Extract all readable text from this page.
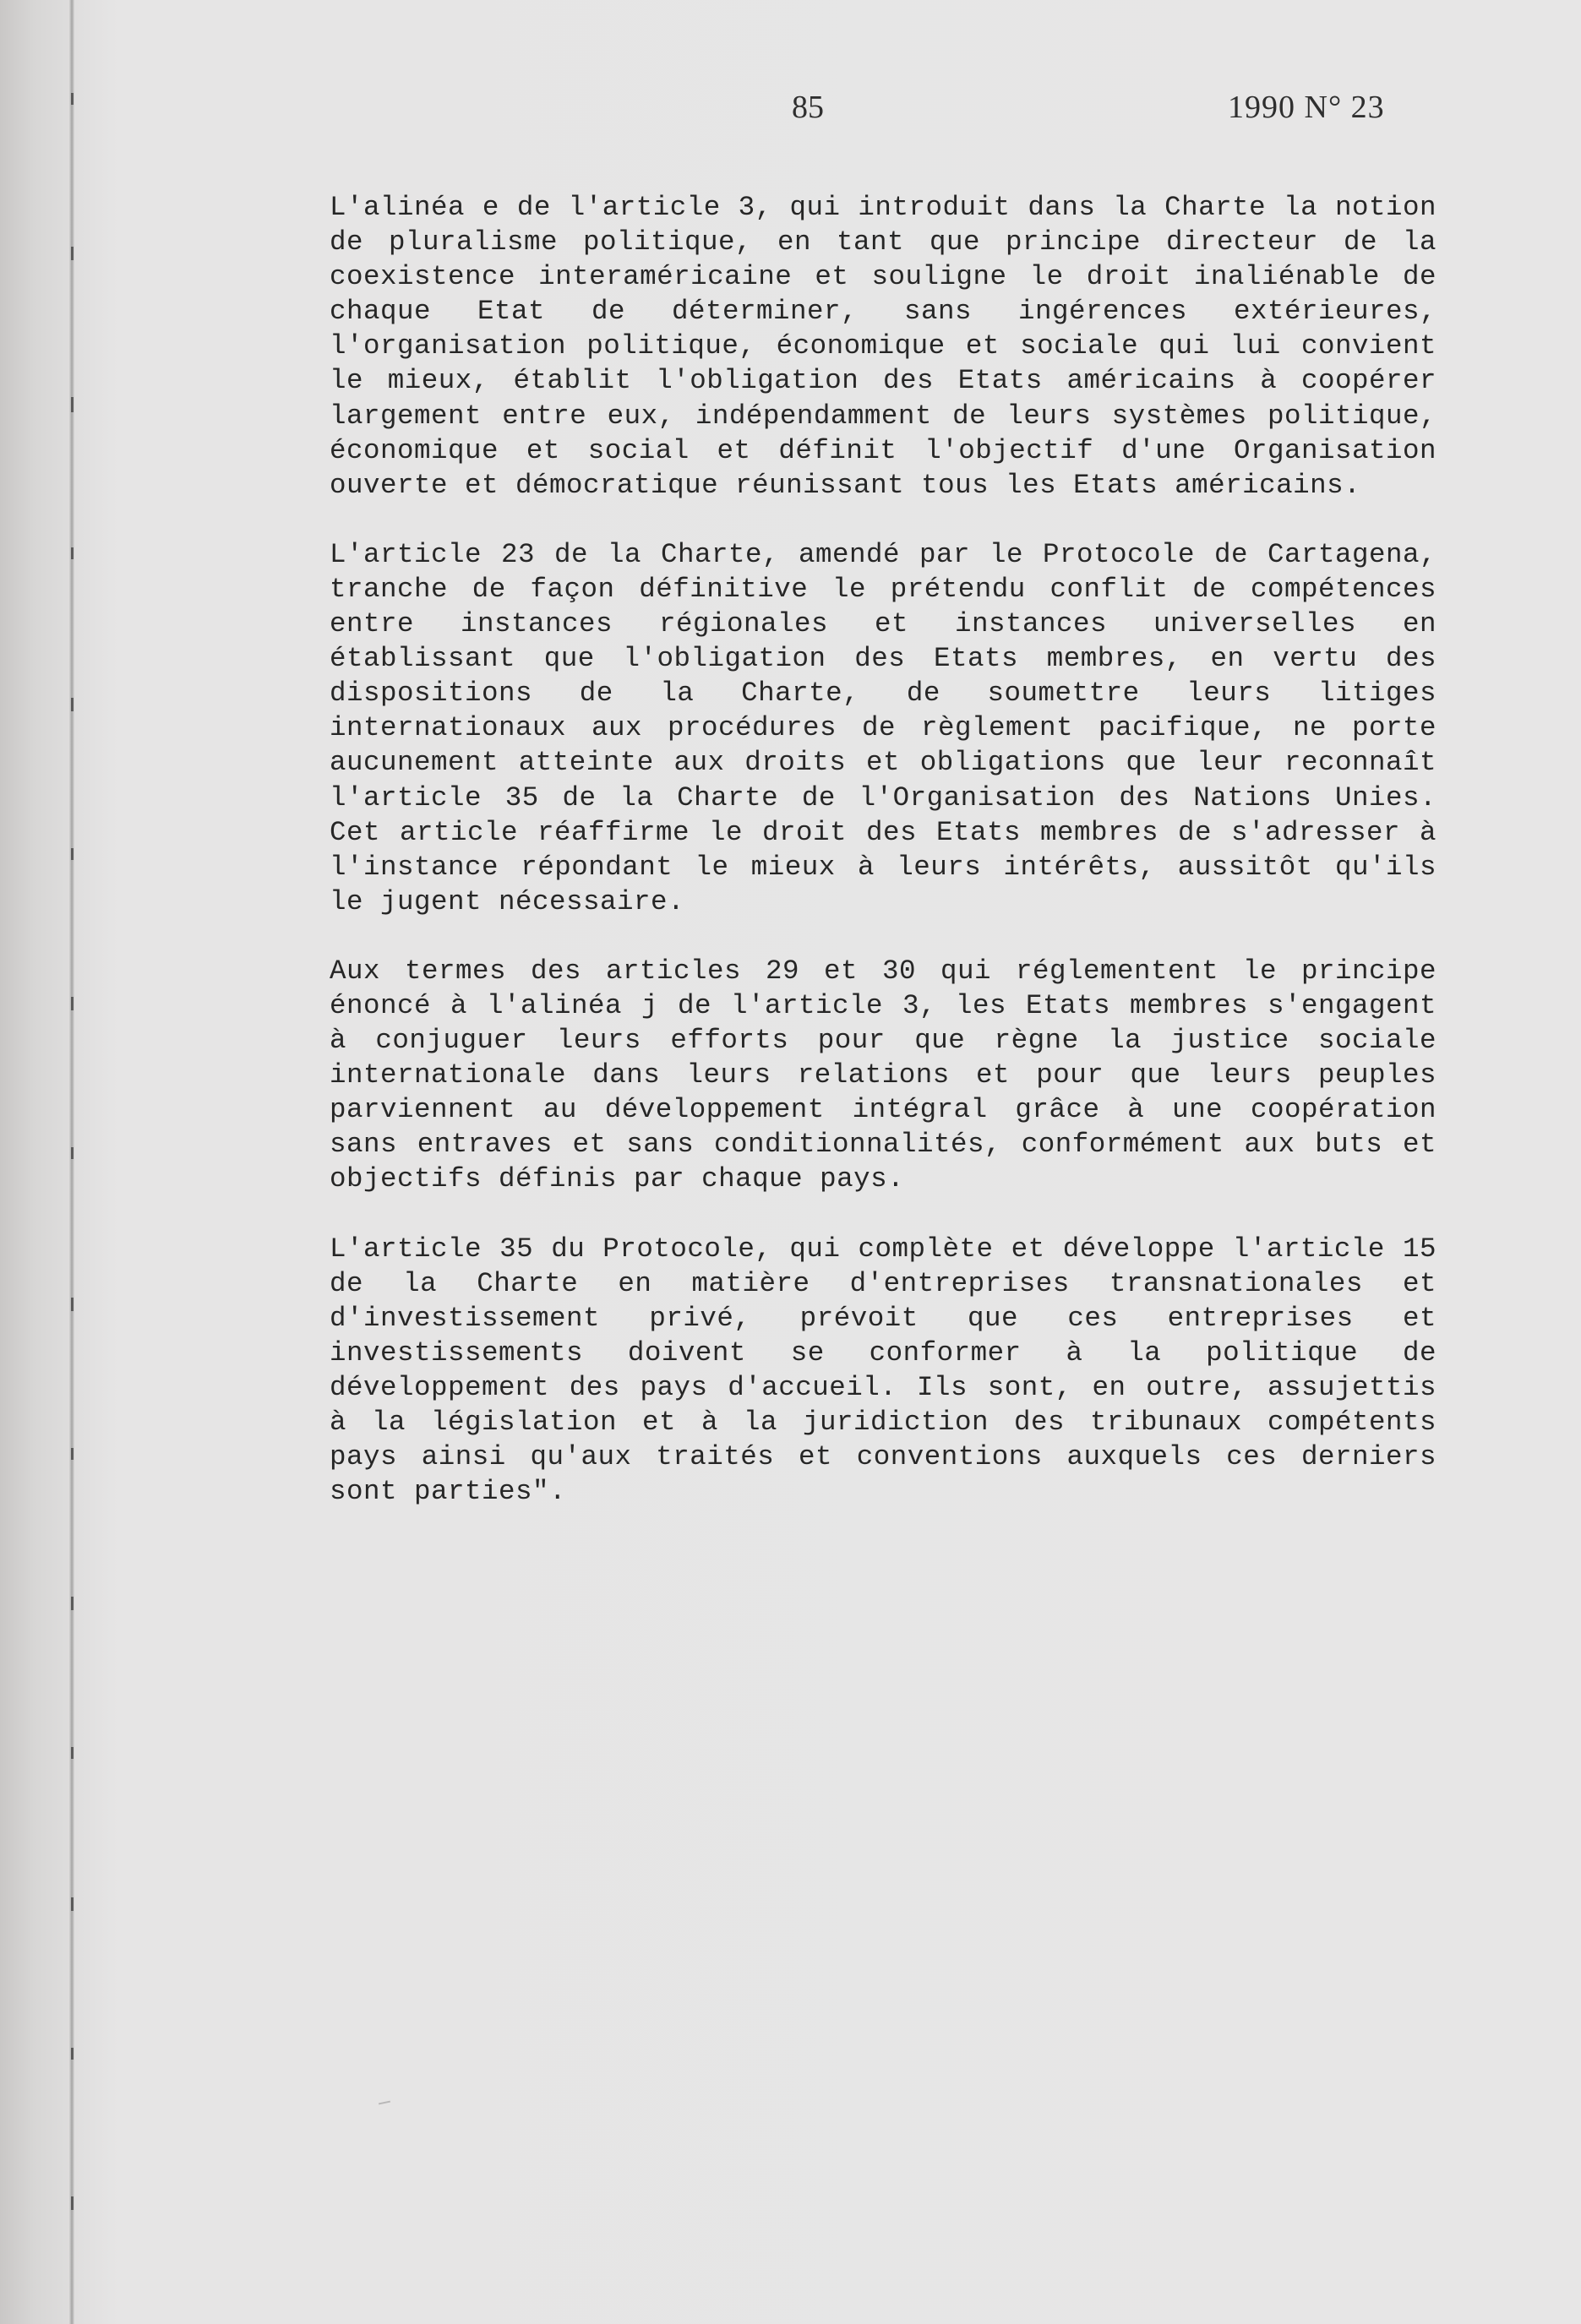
85	1990 N° 23

L'alinéa e de l'article 3, qui introduit dans la Charte la notion de pluralisme politique, en tant que principe directeur de la coexistence interaméricaine et souligne le droit inaliénable de chaque Etat de déterminer, sans ingérences extérieures, l'organisation politique, économique et sociale qui lui convient le mieux, établit l'obligation des Etats américains à coopérer largement entre eux, indépendamment de leurs systèmes politique, économique et social et définit l'objectif d'une Organisation ouverte et démocratique réunissant tous les Etats américains.

L'article 23 de la Charte, amendé par le Protocole de Cartagena, tranche de façon définitive le prétendu conflit de compétences entre instances régionales et instances universelles en établissant que l'obligation des Etats membres, en vertu des dispositions de la Charte, de soumettre leurs litiges internationaux aux procédures de règlement pacifique, ne porte aucunement atteinte aux droits et obligations que leur reconnaît l'article 35 de la Charte de l'Organisation des Nations Unies. Cet article réaffirme le droit des Etats membres de s'adresser à l'instance répondant le mieux à leurs intérêts, aussitôt qu'ils le jugent nécessaire.

Aux termes des articles 29 et 30 qui réglementent le principe énoncé à l'alinéa j de l'article 3, les Etats membres s'engagent à conjuguer leurs efforts pour que règne la justice sociale internationale dans leurs relations et pour que leurs peuples parviennent au développement intégral grâce à une coopération sans entraves et sans conditionnalités, conformément aux buts et objectifs définis par chaque pays.

L'article 35 du Protocole, qui complète et développe l'article 15 de la Charte en matière d'entreprises transnationales et d'investissement privé, prévoit que ces entreprises et investissements doivent se conformer à la politique de développement des pays d'accueil. Ils sont, en outre, assujettis à la législation et à la juridiction des tribunaux compétents pays ainsi qu'aux traités et conventions auxquels ces derniers sont parties".
